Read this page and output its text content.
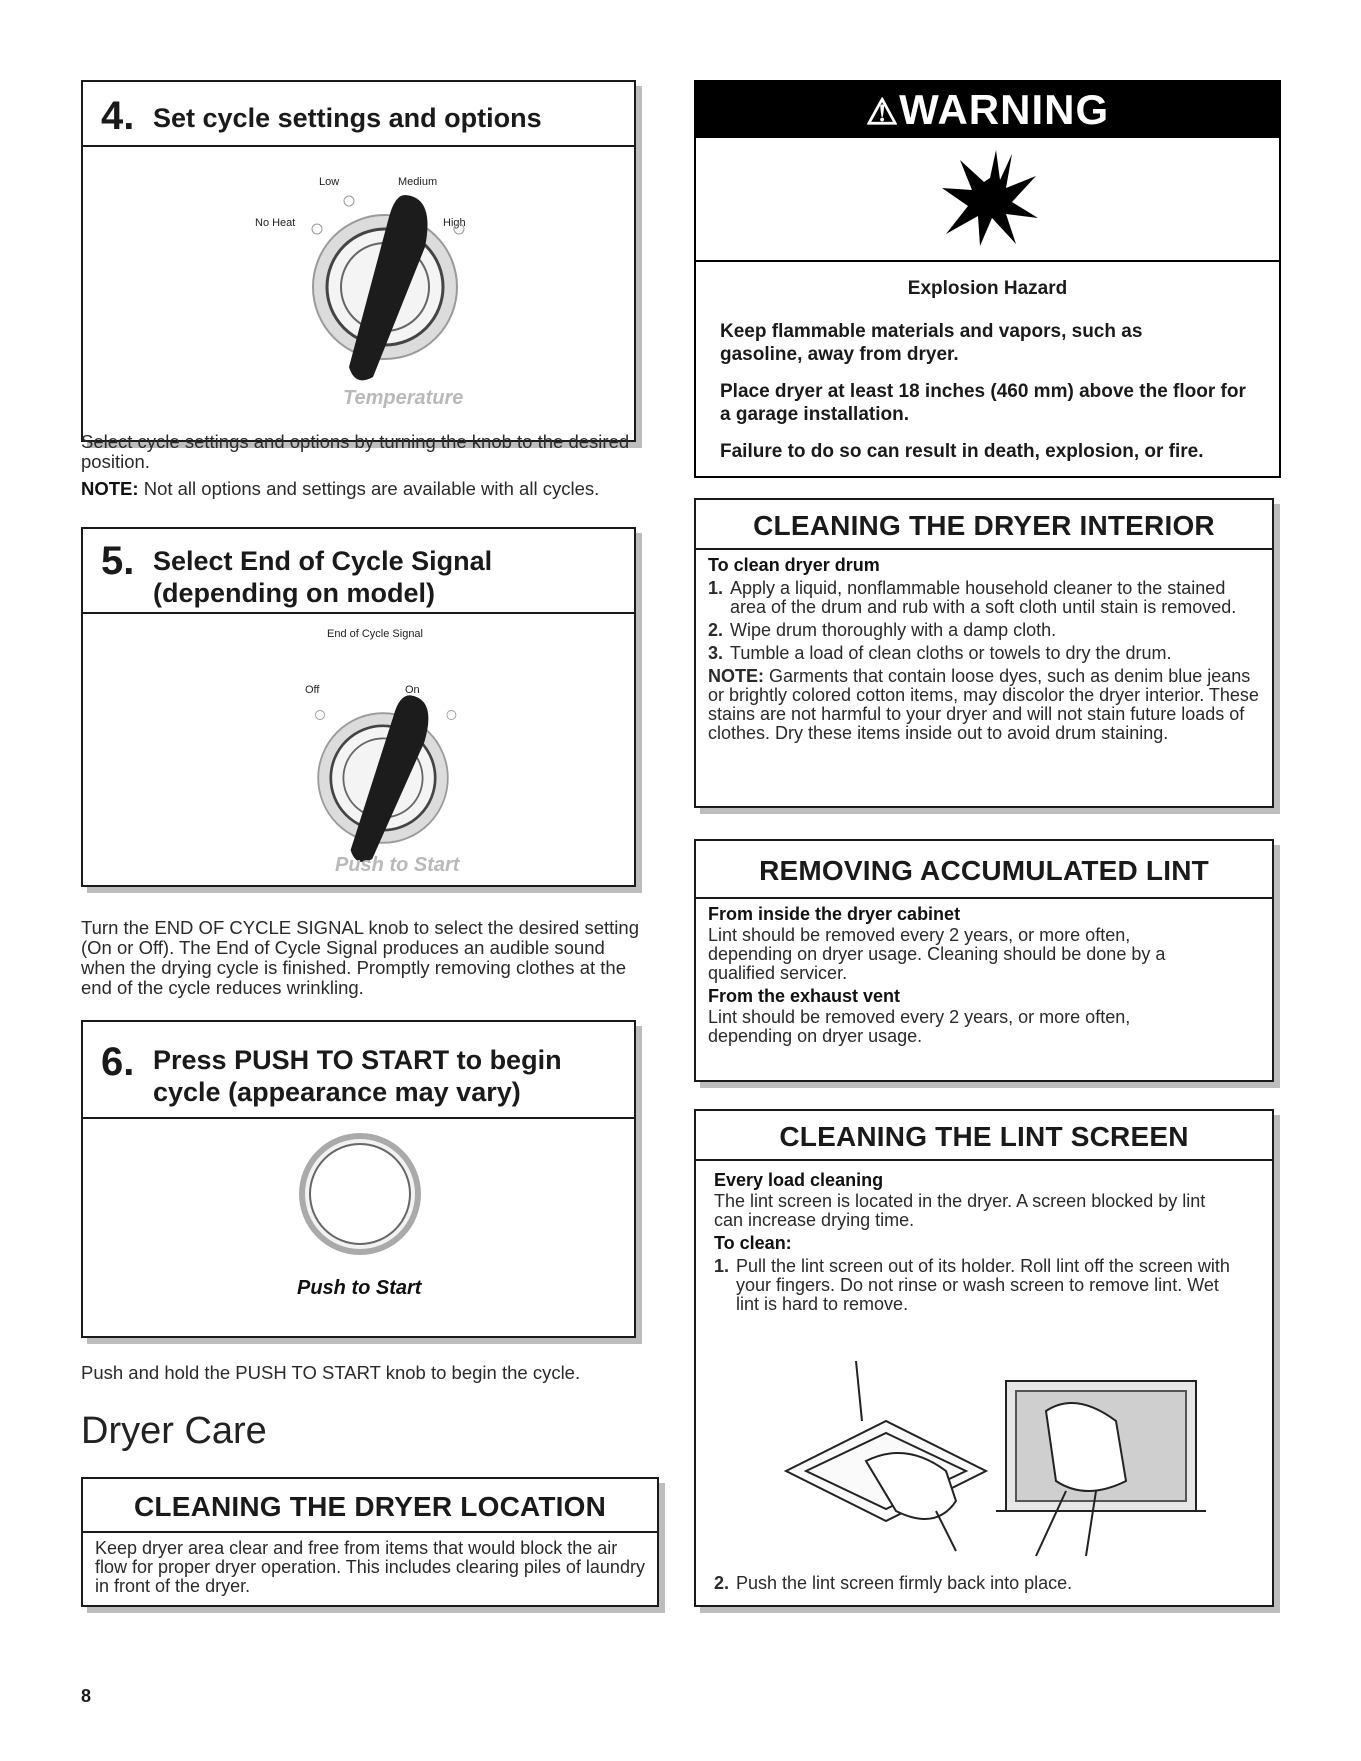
4. Set cycle settings and options
Low	Medium
No Heat	High
Temperature
Select cycle settings and options by turning the knob to the desired position.
NOTE: Not all options and settings are available with all cycles.
5. Select End of Cycle Signal
(depending on model)
End of Cycle Signal
Off	On
Push to Start
Turn the END OF CYCLE SIGNAL knob to select the desired setting (On or Off). The End of Cycle Signal produces an audible sound when the drying cycle is finished. Promptly removing clothes at the end of the cycle reduces wrinkling.
6. Press PUSH TO START to begin
cycle (appearance may vary)
Push to Start
Push and hold the PUSH TO START knob to begin the cycle.
Dryer Care
CLEANING THE DRYER LOCATION
Keep dryer area clear and free from items that would block the air flow for proper dryer operation. This includes clearing piles of laundry in front of the dryer.
8
⚠WARNING
Explosion Hazard
Keep flammable materials and vapors, such as gasoline, away from dryer.
Place dryer at least 18 inches (460 mm) above the floor for a garage installation.
Failure to do so can result in death, explosion, or fire.
CLEANING THE DRYER INTERIOR
To clean dryer drum
1. Apply a liquid, nonflammable household cleaner to the stained area of the drum and rub with a soft cloth until stain is removed.
2. Wipe drum thoroughly with a damp cloth.
3. Tumble a load of clean cloths or towels to dry the drum.

NOTE: Garments that contain loose dyes, such as denim blue jeans or brightly colored cotton items, may discolor the dryer interior. These stains are not harmful to your dryer and will not stain future loads of clothes. Dry these items inside out to avoid drum staining.

REMOVING ACCUMULATED LINT
From inside the dryer cabinet

Lint should be removed every 2 years, or more often, depending on dryer usage. Cleaning should be done by a qualified servicer.

From the exhaust vent

Lint should be removed every 2 years, or more often, depending on dryer usage.

CLEANING THE LINT SCREEN
Every load cleaning

The lint screen is located in the dryer. A screen blocked by lint can increase drying time.

To clean:
1. Pull the lint screen out of its holder. Roll lint off the screen with your fingers. Do not rinse or wash screen to remove lint. Wet lint is hard to remove.
2. Push the lint screen firmly back into place.
